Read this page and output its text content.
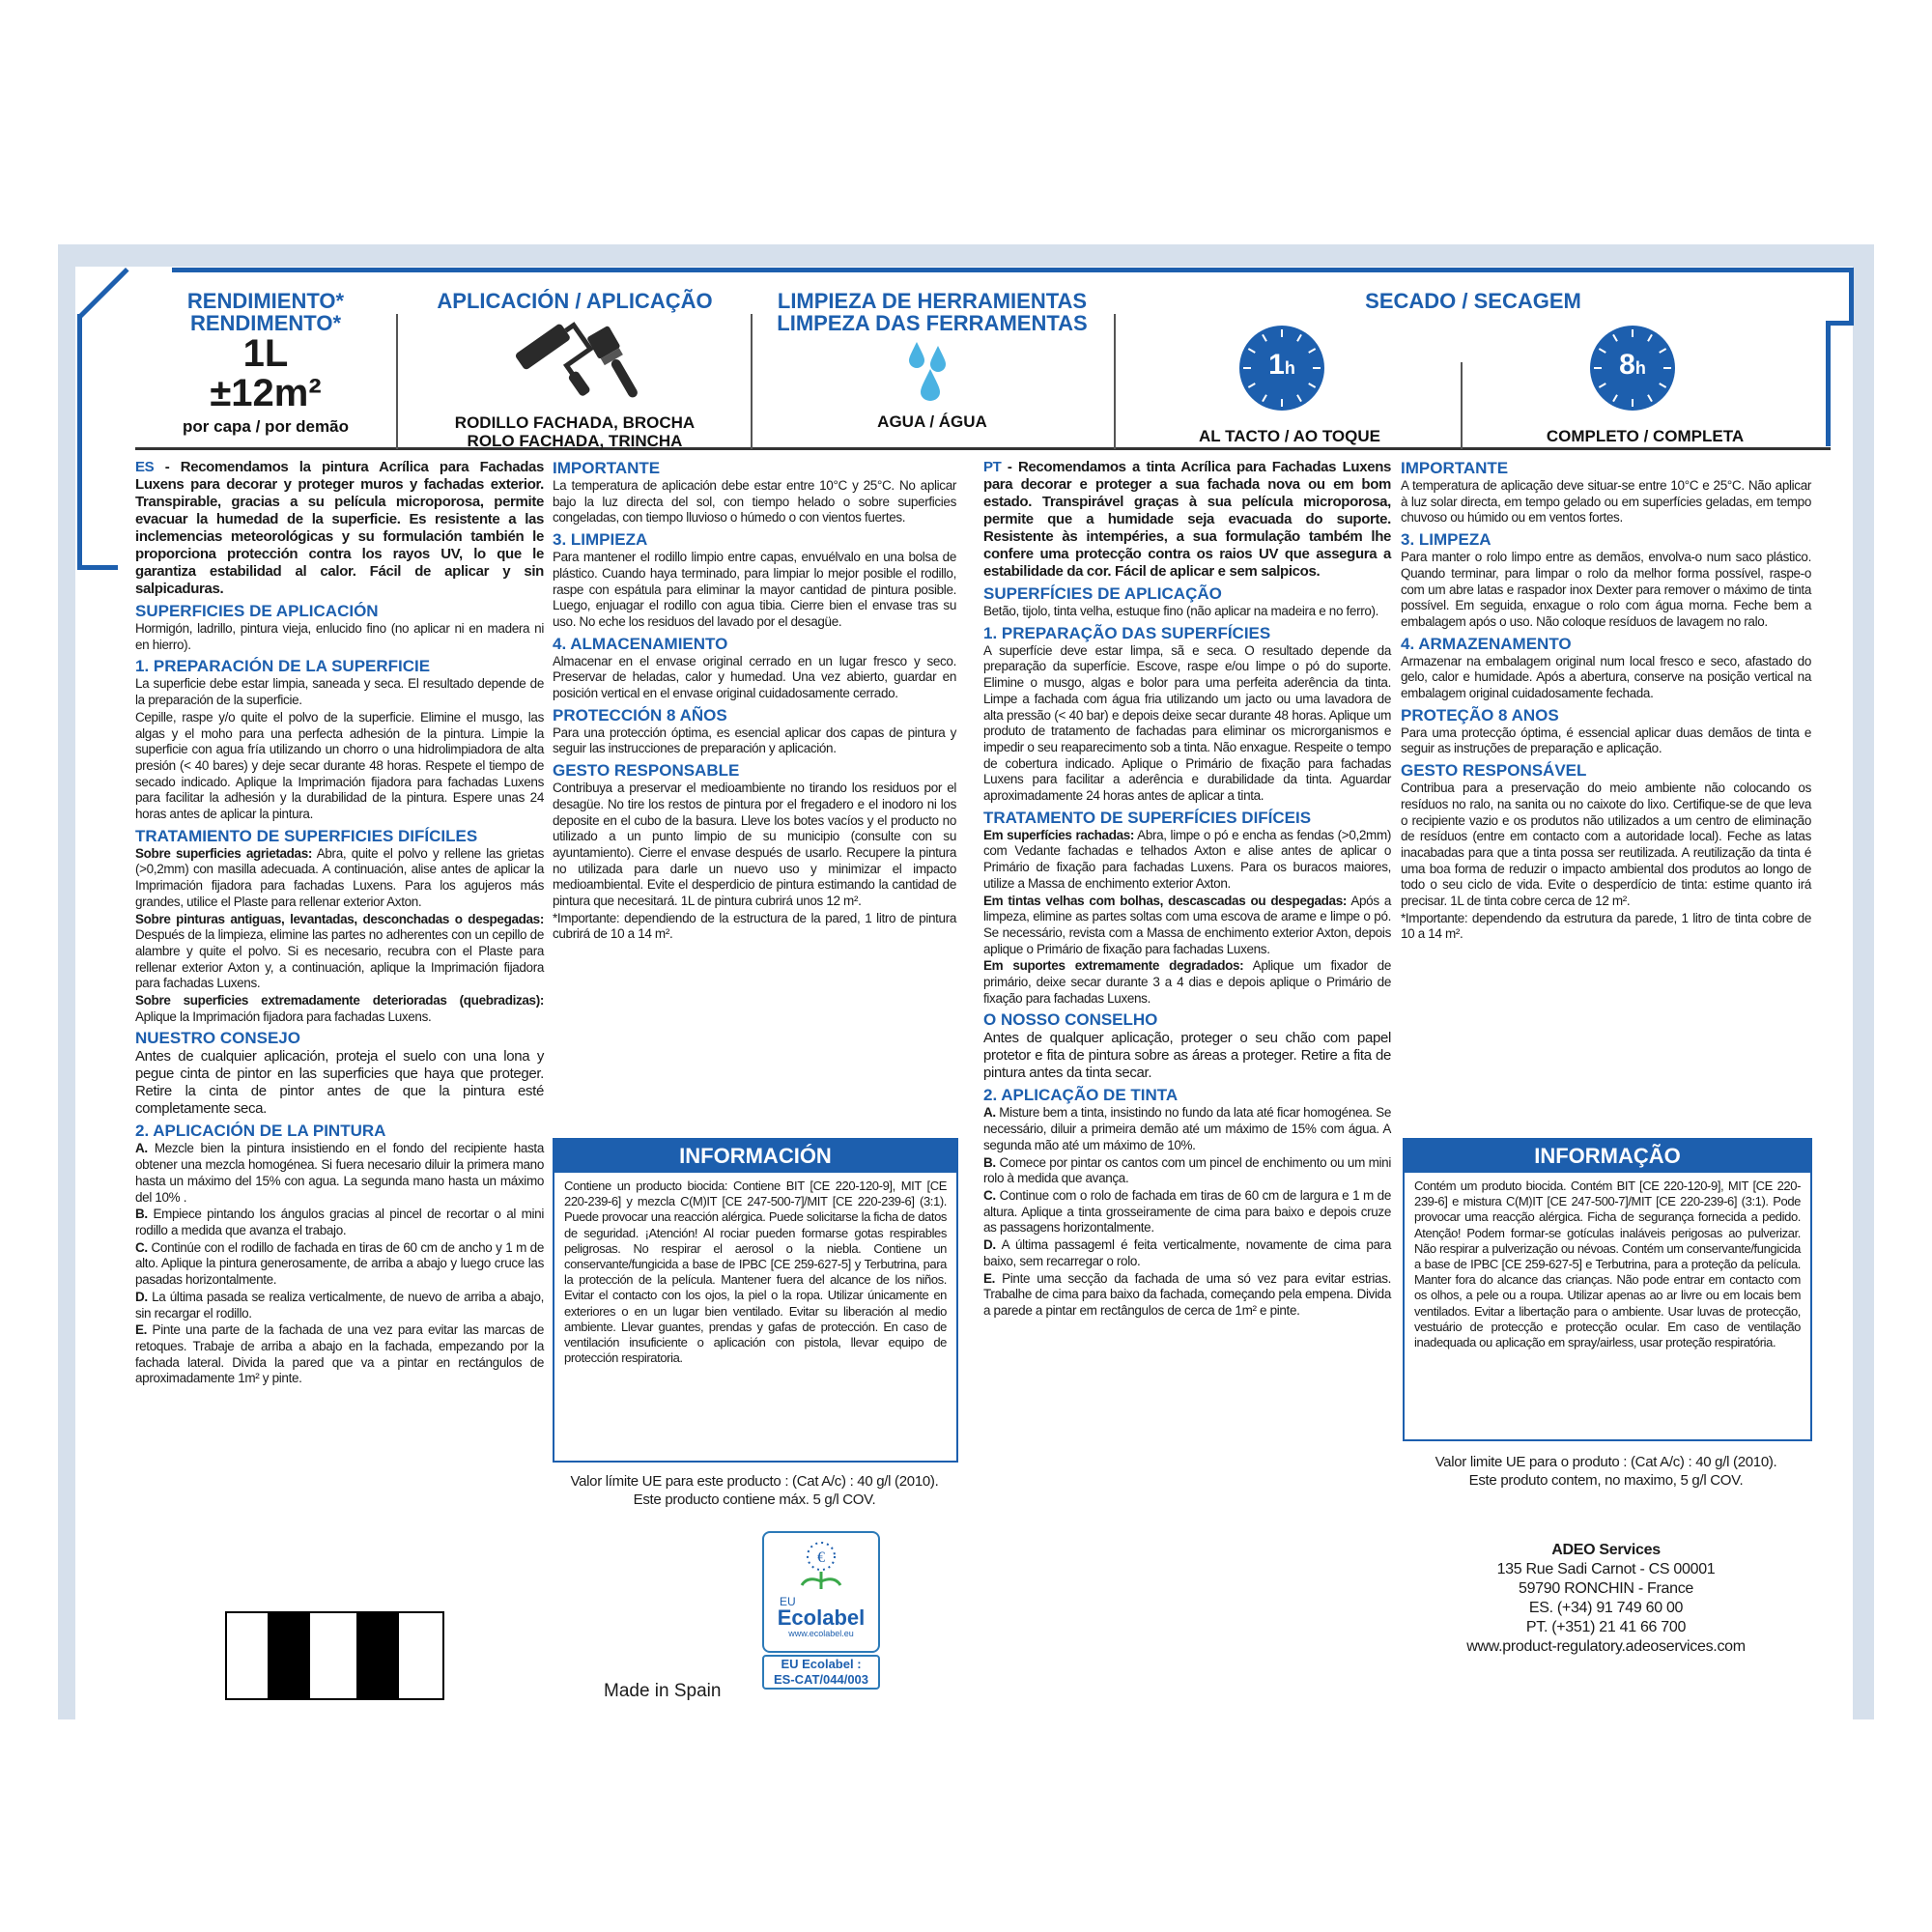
RENDIMIENTO*
RENDIMENTO*
1L
±12m²
por capa / por demão
APLICACIÓN / APLICAÇÃO
RODILLO FACHADA, BROCHA
ROLO FACHADA, TRINCHA
LIMPIEZA DE HERRAMIENTAS
LIMPEZA DAS FERRAMENTAS
AGUA / ÁGUA
SECADO / SECAGEM
1h	8h
AL TACTO / AO TOQUE	COMPLETO / COMPLETA

ES - Recomendamos la pintura Acrílica para Fachadas Luxens para decorar y proteger muros y fachadas exterior. Transpirable, gracias a su película microporosa, permite evacuar la humedad de la superficie. Es resistente a las inclemencias meteorológicas y su formulación también le proporciona protección contra los rayos UV, lo que le garantiza estabilidad al calor. Fácil de aplicar y sin salpicaduras.

SUPERFICIES DE APLICACIÓN

Hormigón, ladrillo, pintura vieja, enlucido fino (no aplicar ni en madera ni en hierro).

1. PREPARACIÓN DE LA SUPERFICIE

La superficie debe estar limpia, saneada y seca. El resultado depende de la preparación de la superficie.

Cepille, raspe y/o quite el polvo de la superficie. Elimine el musgo, las algas y el moho para una perfecta adhesión de la pintura. Limpie la superficie con agua fría utilizando un chorro o una hidrolimpiadora de alta presión (< 40 bares) y deje secar durante 48 horas. Respete el tiempo de secado indicado. Aplique la Imprimación fijadora para fachadas Luxens para facilitar la adhesión y la durabilidad de la pintura. Espere unas 24 horas antes de aplicar la pintura.

TRATAMIENTO DE SUPERFICIES DIFÍCILES

Sobre superficies agrietadas: Abra, quite el polvo y rellene las grietas (>0,2mm) con masilla adecuada. A continuación, alise antes de aplicar la Imprimación fijadora para fachadas Luxens. Para los agujeros más grandes, utilice el Plaste para rellenar exterior Axton.

Sobre pinturas antiguas, levantadas, desconchadas o despegadas: Después de la limpieza, elimine las partes no adherentes con un cepillo de alambre y quite el polvo. Si es necesario, recubra con el Plaste para rellenar exterior Axton y, a continuación, aplique la Imprimación fijadora para fachadas Luxens.

Sobre superficies extremadamente deterioradas (quebradizas): Aplique la Imprimación fijadora para fachadas Luxens.

NUESTRO CONSEJO

Antes de cualquier aplicación, proteja el suelo con una lona y pegue cinta de pintor en las superficies que haya que proteger. Retire la cinta de pintor antes de que la pintura esté completamente seca.

2. APLICACIÓN DE LA PINTURA

A. Mezcle bien la pintura insistiendo en el fondo del recipiente hasta obtener una mezcla homogénea. Si fuera necesario diluir la primera mano hasta un máximo del 15% con agua. La segunda mano hasta un máximo del 10% .

B. Empiece pintando los ángulos gracias al pincel de recortar o al mini rodillo a medida que avanza el trabajo.

C. Continúe con el rodillo de fachada en tiras de 60 cm de ancho y 1 m de alto. Aplique la pintura generosamente, de arriba a abajo y luego cruce las pasadas horizontalmente.

D. La última pasada se realiza verticalmente, de nuevo de arriba a abajo, sin recargar el rodillo.

E. Pinte una parte de la fachada de una vez para evitar las marcas de retoques. Trabaje de arriba a abajo en la fachada, empezando por la fachada lateral. Divida la pared que va a pintar en rectángulos de aproximadamente 1m² y pinte.

IMPORTANTE

La temperatura de aplicación debe estar entre 10°C y 25°C. No aplicar bajo la luz directa del sol, con tiempo helado o sobre superficies congeladas, con tiempo lluvioso o húmedo o con vientos fuertes.

3. LIMPIEZA

Para mantener el rodillo limpio entre capas, envuélvalo en una bolsa de plástico. Cuando haya terminado, para limpiar lo mejor posible el rodillo, raspe con espátula para eliminar la mayor cantidad de pintura posible. Luego, enjuagar el rodillo con agua tibia. Cierre bien el envase tras su uso. No eche los residuos del lavado por el desagüe.

4. ALMACENAMIENTO

Almacenar en el envase original cerrado en un lugar fresco y seco. Preservar de heladas, calor y humedad. Una vez abierto, guardar en posición vertical en el envase original cuidadosamente cerrado.

PROTECCIÓN 8 AÑOS

Para una protección óptima, es esencial aplicar dos capas de pintura y seguir las instrucciones de preparación y aplicación.

GESTO RESPONSABLE

Contribuya a preservar el medioambiente no tirando los residuos por el desagüe. No tire los restos de pintura por el fregadero e el inodoro ni los deposite en el cubo de la basura. Lleve los botes vacíos y el producto no utilizado a un punto limpio de su municipio (consulte con su ayuntamiento). Cierre el envase después de usarlo. Recupere la pintura no utilizada para darle un nuevo uso y minimizar el impacto medioambiental. Evite el desperdicio de pintura estimando la cantidad de pintura que necesitará. 1L de pintura cubrirá unos 12 m².

*Importante: dependiendo de la estructura de la pared, 1 litro de pintura cubrirá de 10 a 14 m².

INFORMACIÓN
Contiene un producto biocida: Contiene BIT [CE 220-120-9], MIT [CE 220-239-6] y mezcla C(M)IT [CE 247-500-7]/MIT [CE 220-239-6] (3:1). Puede provocar una reacción alérgica. Puede solicitarse la ficha de datos de seguridad. ¡Atención! Al rociar pueden formarse gotas respirables peligrosas. No respirar el aerosol o la niebla. Contiene un conservante/fungicida a base de IPBC [CE 259-627-5] y Terbutrina, para la protección de la película. Mantener fuera del alcance de los niños. Evitar el contacto con los ojos, la piel o la ropa. Utilizar únicamente en exteriores o en un lugar bien ventilado. Evitar su liberación al medio ambiente. Llevar guantes, prendas y gafas de protección. En caso de ventilación insuficiente o aplicación con pistola, llevar equipo de protección respiratoria.
Valor límite UE para este producto : (Cat A/c) : 40 g/l (2010).
Este producto contiene máx. 5 g/l COV.
€
EU
Ecolabel
www.ecolabel.eu
EU Ecolabel :
ES-CAT/044/003
Made in Spain

PT - Recomendamos a tinta Acrílica para Fachadas Luxens para decorar e proteger a sua fachada nova ou em bom estado. Transpirável graças à sua película microporosa, permite que a humidade seja evacuada do suporte. Resistente às intempéries, a sua formulação também lhe confere uma protecção contra os raios UV que assegura a estabilidade da cor. Fácil de aplicar e sem salpicos.

SUPERFÍCIES DE APLICAÇÃO

Betão, tijolo, tinta velha, estuque fino (não aplicar na madeira e no ferro).

1. PREPARAÇÃO DAS SUPERFÍCIES

A superfície deve estar limpa, sã e seca. O resultado depende da preparação da superfície. Escove, raspe e/ou limpe o pó do suporte. Elimine o musgo, algas e bolor para uma perfeita aderência da tinta. Limpe a fachada com água fria utilizando um jacto ou uma lavadora de alta pressão (< 40 bar) e depois deixe secar durante 48 horas. Aplique um produto de tratamento de fachadas para eliminar os microrganismos e impedir o seu reaparecimento sob a tinta. Não enxague. Respeite o tempo de cobertura indicado. Aplique o Primário de fixação para fachadas Luxens para facilitar a aderência e durabilidade da tinta. Aguardar aproximadamente 24 horas antes de aplicar a tinta.

TRATAMENTO DE SUPERFÍCIES DIFÍCEIS

Em superfícies rachadas: Abra, limpe o pó e encha as fendas (>0,2mm) com Vedante fachadas e telhados Axton e alise antes de aplicar o Primário de fixação para fachadas Luxens. Para os buracos maiores, utilize a Massa de enchimento exterior Axton.

Em tintas velhas com bolhas, descascadas ou despegadas: Após a limpeza, elimine as partes soltas com uma escova de arame e limpe o pó. Se necessário, revista com a Massa de enchimento exterior Axton, depois aplique o Primário de fixação para fachadas Luxens.

Em suportes extremamente degradados: Aplique um fixador de primário, deixe secar durante 3 a 4 dias e depois aplique o Primário de fixação para fachadas Luxens.

O NOSSO CONSELHO

Antes de qualquer aplicação, proteger o seu chão com papel protetor e fita de pintura sobre as áreas a proteger. Retire a fita de pintura antes da tinta secar.

2. APLICAÇÃO DE TINTA

A. Misture bem a tinta, insistindo no fundo da lata até ficar homogénea. Se necessário, diluir a primeira demão até um máximo de 15% com água. A segunda mão até um máximo de 10%.

B. Comece por pintar os cantos com um pincel de enchimento ou um mini rolo à medida que avança.

C. Continue com o rolo de fachada em tiras de 60 cm de largura e 1 m de altura. Aplique a tinta grosseiramente de cima para baixo e depois cruze as passagens horizontalmente.

D. A última passageml é feita verticalmente, novamente de cima para baixo, sem recarregar o rolo.

E. Pinte uma secção da fachada de uma só vez para evitar estrias. Trabalhe de cima para baixo da fachada, começando pela empena. Divida a parede a pintar em rectângulos de cerca de 1m² e pinte.

IMPORTANTE

A temperatura de aplicação deve situar-se entre 10°C e 25°C. Não aplicar à luz solar directa, em tempo gelado ou em superfícies geladas, em tempo chuvoso ou húmido ou em ventos fortes.

3. LIMPEZA

Para manter o rolo limpo entre as demãos, envolva-o num saco plástico. Quando terminar, para limpar o rolo da melhor forma possível, raspe-o com um abre latas e raspador inox Dexter para remover o máximo de tinta possível. Em seguida, enxague o rolo com água morna. Feche bem a embalagem após o uso. Não coloque resíduos de lavagem no ralo.

4. ARMAZENAMENTO

Armazenar na embalagem original num local fresco e seco, afastado do gelo, calor e humidade. Após a abertura, conserve na posição vertical na embalagem original cuidadosamente fechada.

PROTEÇÃO 8 ANOS

Para uma protecção óptima, é essencial aplicar duas demãos de tinta e seguir as instruções de preparação e aplicação.

GESTO RESPONSÁVEL

Contribua para a preservação do meio ambiente não colocando os resíduos no ralo, na sanita ou no caixote do lixo. Certifique-se de que leva o recipiente vazio e os produtos não utilizados a um centro de eliminação de resíduos (entre em contacto com a autoridade local). Feche as latas inacabadas para que a tinta possa ser reutilizada. A reutilização da tinta é uma boa forma de reduzir o impacto ambiental dos produtos ao longo de todo o seu ciclo de vida. Evite o desperdício de tinta: estime quanto irá precisar. 1L de tinta cobre cerca de 12 m².

*Importante: dependendo da estrutura da parede, 1 litro de tinta cobre de 10 a 14 m².

INFORMAÇÃO
Contém um produto biocida. Contém BIT [CE 220-120-9], MIT [CE 220-239-6] e mistura C(M)IT [CE 247-500-7]/MIT [CE 220-239-6] (3:1). Pode provocar uma reacção alérgica. Ficha de segurança fornecida a pedido. Atenção! Podem formar-se gotículas inaláveis perigosas ao pulverizar. Não respirar a pulverização ou névoas. Contém um conservante/fungicida a base de IPBC [CE 259-627-5] e Terbutrina, para a proteção da película. Manter fora do alcance das crianças. Não pode entrar em contacto com os olhos, a pele ou a roupa. Utilizar apenas ao ar livre ou em locais bem ventilados. Evitar a libertação para o ambiente. Usar luvas de protecção, vestuário de protecção e protecção ocular. Em caso de ventilação inadequada ou aplicação em spray/airless, usar proteção respiratória.
Valor limite UE para o produto : (Cat A/c) : 40 g/l (2010).
Este produto contem, no maximo, 5 g/l COV.
ADEO Services
135 Rue Sadi Carnot - CS 00001
59790 RONCHIN - France
ES. (+34) 91 749 60 00
PT. (+351) 21 41 66 700
www.product-regulatory.adeoservices.com
